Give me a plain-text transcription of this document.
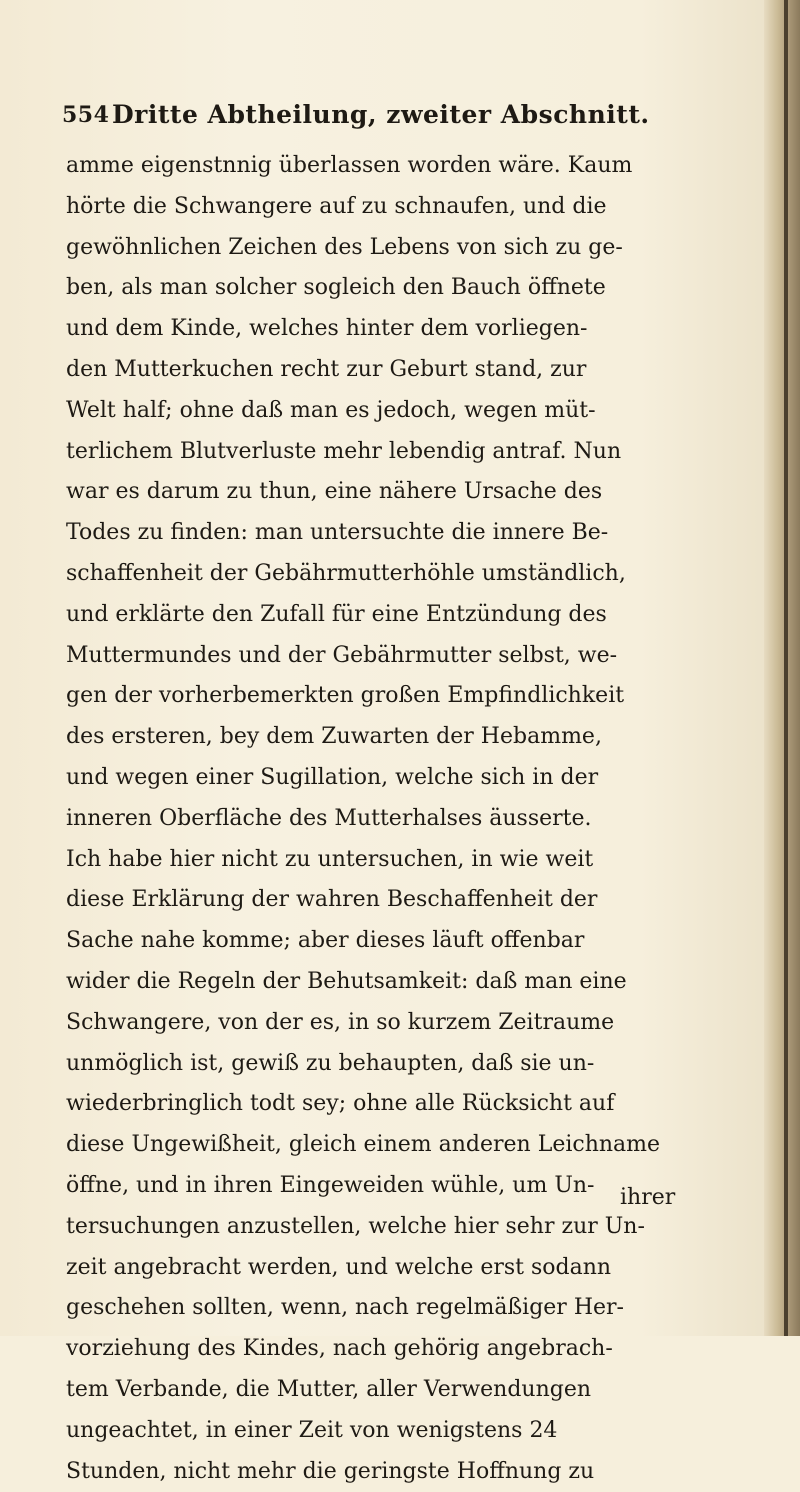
554 Dritte Abtheilung, zweiter Abschnitt.
amme eigenstnnig überlassen worden wäre. Kaum
hörte die Schwangere auf zu schnaufen, und die
gewöhnlichen Zeichen des Lebens von sich zu ge-
ben, als man solcher sogleich den Bauch öffnete
und dem Kinde, welches hinter dem vorliegen-
den Mutterkuchen recht zur Geburt stand, zur
Welt half; ohne daß man es jedoch, wegen müt-
terlichem Blutverluste mehr lebendig antraf. Nun
war es darum zu thun, eine nähere Ursache des
Todes zu finden: man untersuchte die innere Be-
schaffenheit der Gebährmutterhöhle umständlich,
und erklärte den Zufall für eine Entzündung des
Muttermundes und der Gebährmutter selbst, we-
gen der vorherbemerkten großen Empfindlichkeit
des ersteren, bey dem Zuwarten der Hebamme,
und wegen einer Sugillation, welche sich in der
inneren Oberfläche des Mutterhalses äusserte.
Ich habe hier nicht zu untersuchen, in wie weit
diese Erklärung der wahren Beschaffenheit der
Sache nahe komme; aber dieses läuft offenbar
wider die Regeln der Behutsamkeit: daß man eine
Schwangere, von der es, in so kurzem Zeitraume
unmöglich ist, gewiß zu behaupten, daß sie un-
wiederbringlich todt sey; ohne alle Rücksicht auf
diese Ungewißheit, gleich einem anderen Leichname
öffne, und in ihren Eingeweiden wühle, um Un-
tersuchungen anzustellen, welche hier sehr zur Un-
zeit angebracht werden, und welche erst sodann
geschehen sollten, wenn, nach regelmäßiger Her-
vorziehung des Kindes, nach gehörig angebrach-
tem Verbande, die Mutter, aller Verwendungen
ungeachtet, in einer Zeit von wenigstens 24
Stunden, nicht mehr die geringste Hoffnung zu
ihrer
